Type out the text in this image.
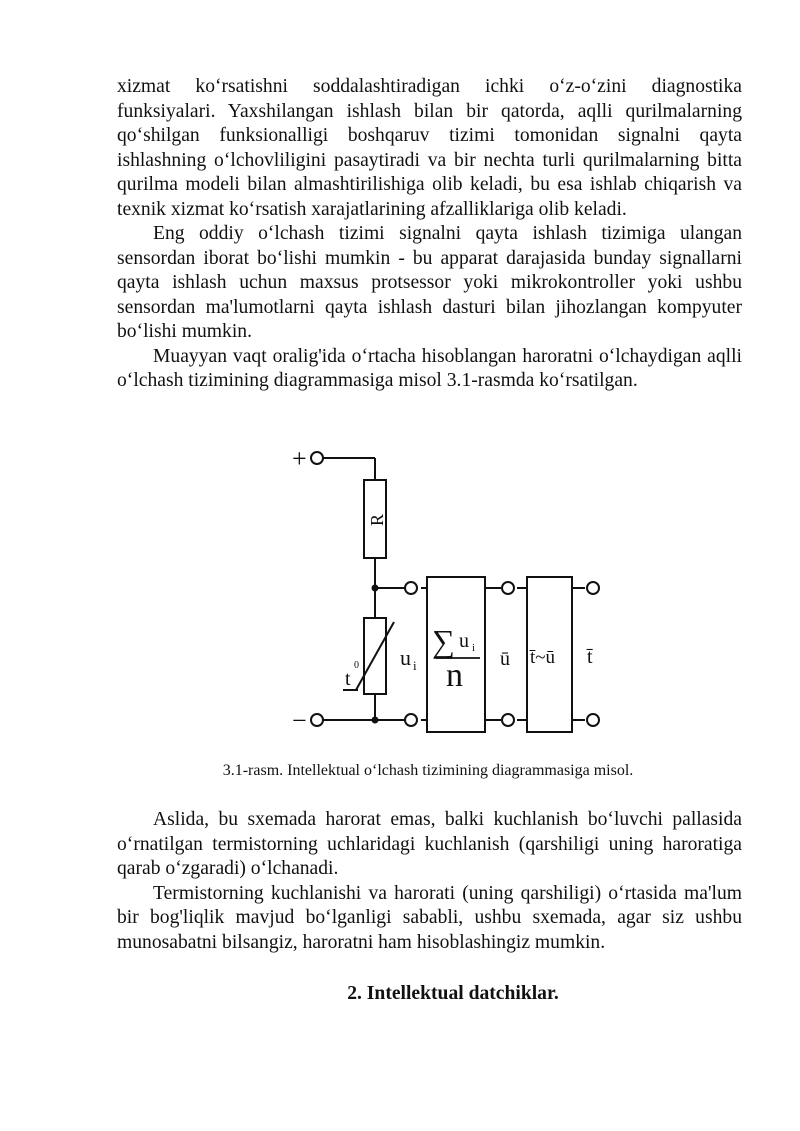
xizmat koʻrsatishni soddalashtiradigan ichki oʻz-oʻzini diagnostika funksiyalari. Yaxshilangan ishlash bilan bir qatorda, aqlli qurilmalarning qoʻshilgan funksionalligi boshqaruv tizimi tomonidan signalni qayta ishlashning oʻlchovliligini pasaytiradi va bir nechta turli qurilmalarning bitta qurilma modeli bilan almashtirilishiga olib keladi, bu esa ishlab chiqarish va texnik xizmat koʻrsatish xarajatlarining afzalliklariga olib keladi.

Eng oddiy oʻlchash tizimi signalni qayta ishlash tizimiga ulangan sensordan iborat boʻlishi mumkin - bu apparat darajasida bunday signallarni qayta ishlash uchun maxsus protsessor yoki mikrokontroller yoki ushbu sensordan ma'lumotlarni qayta ishlash dasturi bilan jihozlangan kompyuter boʻlishi mumkin.

Muayyan vaqt oralig'ida oʻrtacha hisoblangan haroratni oʻlchaydigan aqlli oʻlchash tizimining diagrammasiga misol 3.1-rasmda koʻrsatilgan.

+
−
R
t
0 u i
∑ u i
n ū t̄~ū t̄
3.1-rasm. Intellektual oʻlchash tizimining diagrammasiga misol.

Aslida, bu sxemada harorat emas, balki kuchlanish boʻluvchi pallasida oʻrnatilgan termistorning uchlaridagi kuchlanish (qarshiligi uning haroratiga qarab oʻzgaradi) oʻlchanadi.

Termistorning kuchlanishi va harorati (uning qarshiligi) oʻrtasida ma'lum bir bog'liqlik mavjud boʻlganligi sababli, ushbu sxemada, agar siz ushbu munosabatni bilsangiz, haroratni ham hisoblashingiz mumkin.

2. Intellektual datchiklar.
